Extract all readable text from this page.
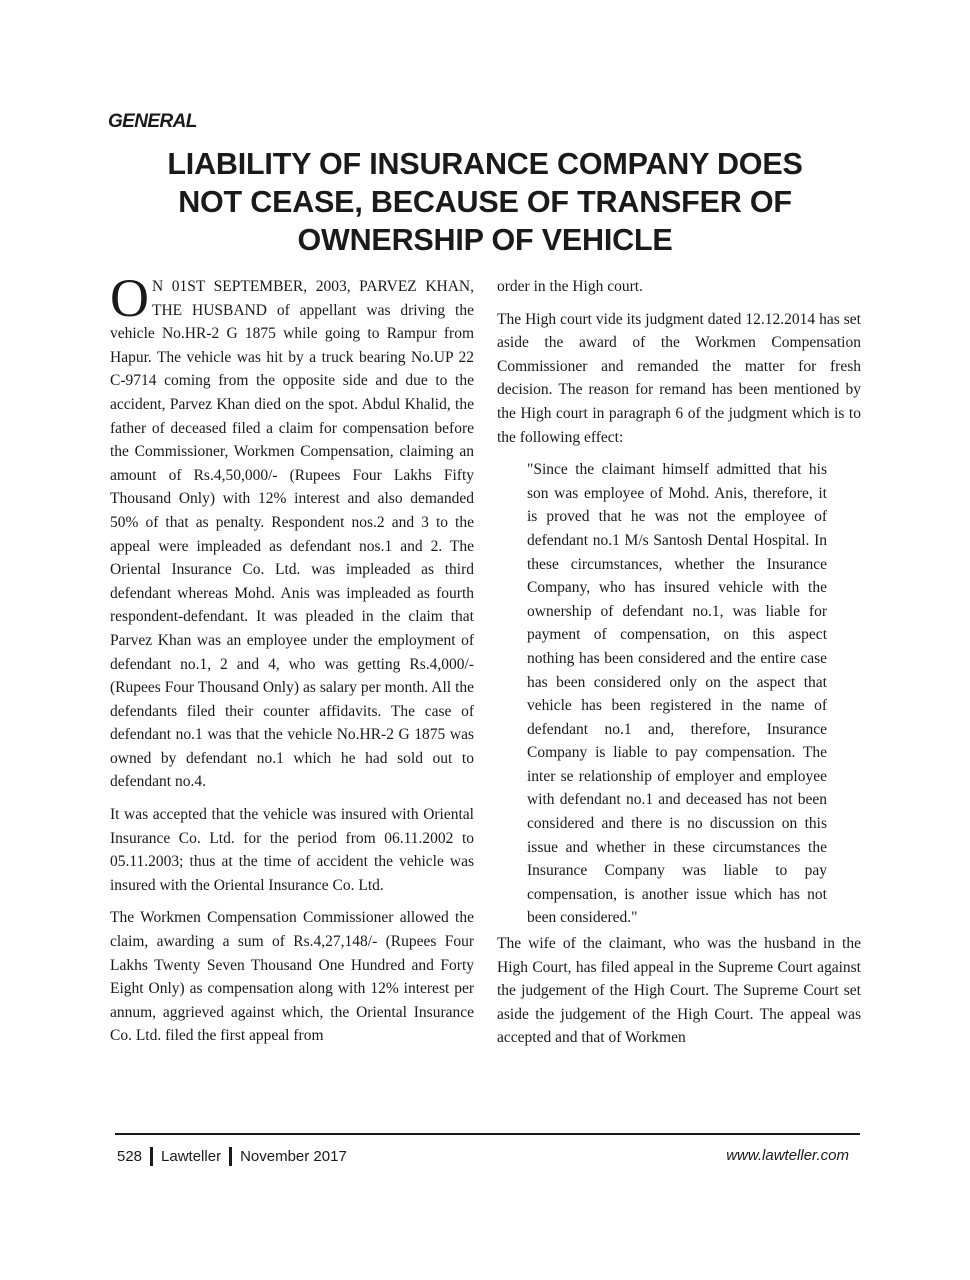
GENERAL
LIABILITY OF INSURANCE COMPANY DOES
NOT CEASE, BECAUSE OF TRANSFER OF
OWNERSHIP OF VEHICLE

O N 01ST SEPTEMBER, 2003, PARVEZ KHAN, THE HUSBAND of appellant was driving the vehicle No.HR-2 G 1875 while going to Rampur from Hapur. The vehicle was hit by a truck bearing No.UP 22 C-9714 coming from the opposite side and due to the accident, Parvez Khan died on the spot. Abdul Khalid, the father of deceased filed a claim for compensation before the Commissioner, Workmen Compensation, claiming an amount of Rs.4,50,000/- (Rupees Four Lakhs Fifty Thousand Only) with 12% interest and also demanded 50% of that as penalty. Respondent nos.2 and 3 to the appeal were impleaded as defendant nos.1 and 2. The Oriental Insurance Co. Ltd. was impleaded as third defendant whereas Mohd. Anis was impleaded as fourth respondent-defendant. It was pleaded in the claim that Parvez Khan was an employee under the employment of defendant no.1, 2 and 4, who was getting Rs.4,000/- (Rupees Four Thousand Only) as salary per month. All the defendants filed their counter affidavits. The case of defendant no.1 was that the vehicle No.HR-2 G 1875 was owned by defendant no.1 which he had sold out to defendant no.4.

It was accepted that the vehicle was insured with Oriental Insurance Co. Ltd. for the period from 06.11.2002 to 05.11.2003; thus at the time of accident the vehicle was insured with the Oriental Insurance Co. Ltd.

The Workmen Compensation Commissioner allowed the claim, awarding a sum of Rs.4,27,148/- (Rupees Four Lakhs Twenty Seven Thousand One Hundred and Forty Eight Only) as compensation along with 12% interest per annum, aggrieved against which, the Oriental Insurance Co. Ltd. filed the first appeal from

order in the High court.

The High court vide its judgment dated 12.12.2014 has set aside the award of the Workmen Compensation Commissioner and remanded the matter for fresh decision. The reason for remand has been mentioned by the High court in paragraph 6 of the judgment which is to the following effect:

"Since the claimant himself admitted that his son was employee of Mohd. Anis, therefore, it is proved that he was not the employee of defendant no.1 M/s Santosh Dental Hospital. In these circumstances, whether the Insurance Company, who has insured vehicle with the ownership of defendant no.1, was liable for payment of compensation, on this aspect nothing has been considered and the entire case has been considered only on the aspect that vehicle has been registered in the name of defendant no.1 and, therefore, Insurance Company is liable to pay compensation. The inter se relationship of employer and employee with defendant no.1 and deceased has not been considered and there is no discussion on this issue and whether in these circumstances the Insurance Company was liable to pay compensation, is another issue which has not been considered."

The wife of the claimant, who was the husband in the High Court, has filed appeal in the Supreme Court against the judgement of the High Court. The Supreme Court set aside the judgement of the High Court. The appeal was accepted and that of Workmen

528 Lawteller November 2017	www.lawteller.com
